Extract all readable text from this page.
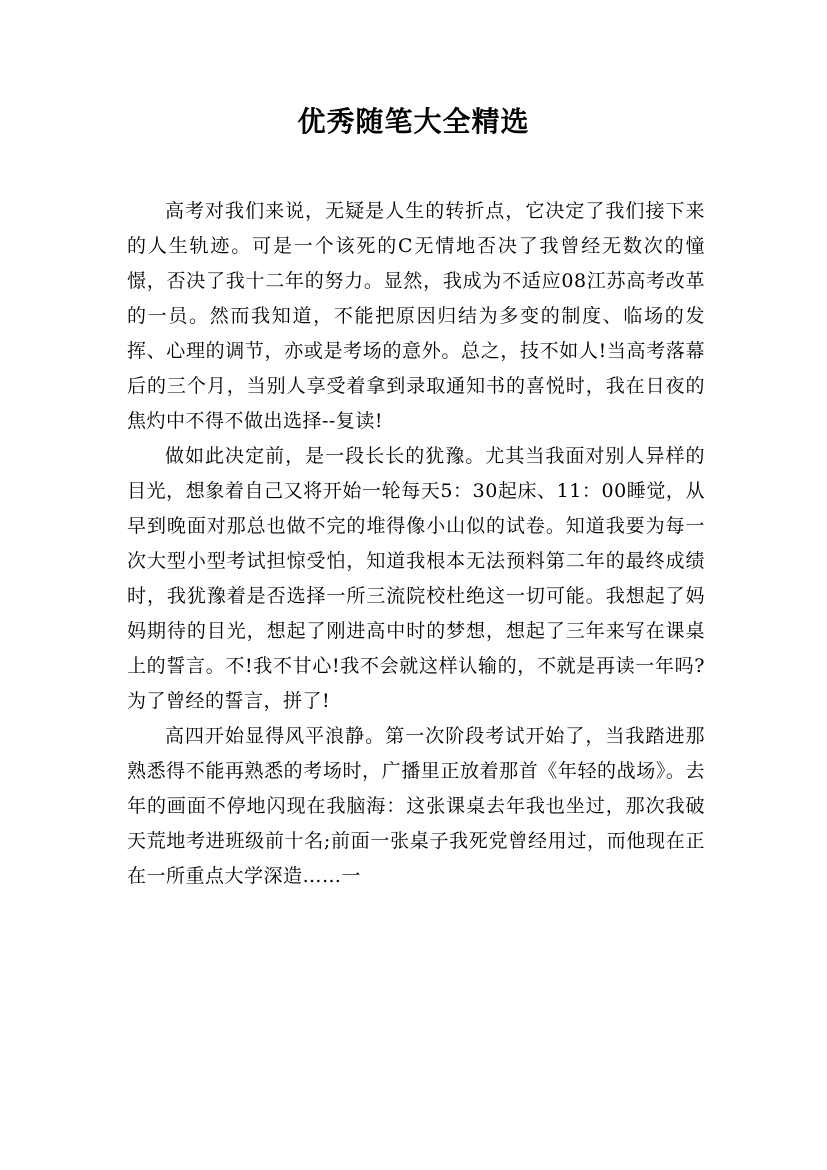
优秀随笔大全精选

高考对我们来说，无疑是人生的转折点，它决定了我们接下来的人生轨迹。可是一个该死的C无情地否决了我曾经无数次的憧憬，否决了我十二年的努力。显然，我成为不适应08江苏高考改革的一员。然而我知道，不能把原因归结为多变的制度、临场的发挥、心理的调节，亦或是考场的意外。总之，技不如人!当高考落幕后的三个月，当别人享受着拿到录取通知书的喜悦时，我在日夜的焦灼中不得不做出选择--复读!

做如此决定前，是一段长长的犹豫。尤其当我面对别人异样的目光，想象着自己又将开始一轮每天5：30起床、11：00睡觉，从早到晚面对那总也做不完的堆得像小山似的试卷。知道我要为每一次大型小型考试担惊受怕，知道我根本无法预料第二年的最终成绩时，我犹豫着是否选择一所三流院校杜绝这一切可能。我想起了妈妈期待的目光，想起了刚进高中时的梦想，想起了三年来写在课桌上的誓言。不!我不甘心!我不会就这样认输的，不就是再读一年吗?为了曾经的誓言，拼了!

高四开始显得风平浪静。第一次阶段考试开始了，当我踏进那熟悉得不能再熟悉的考场时，广播里正放着那首《年轻的战场》。去年的画面不停地闪现在我脑海：这张课桌去年我也坐过，那次我破天荒地考进班级前十名;前面一张桌子我死党曾经用过，而他现在正在一所重点大学深造……一
